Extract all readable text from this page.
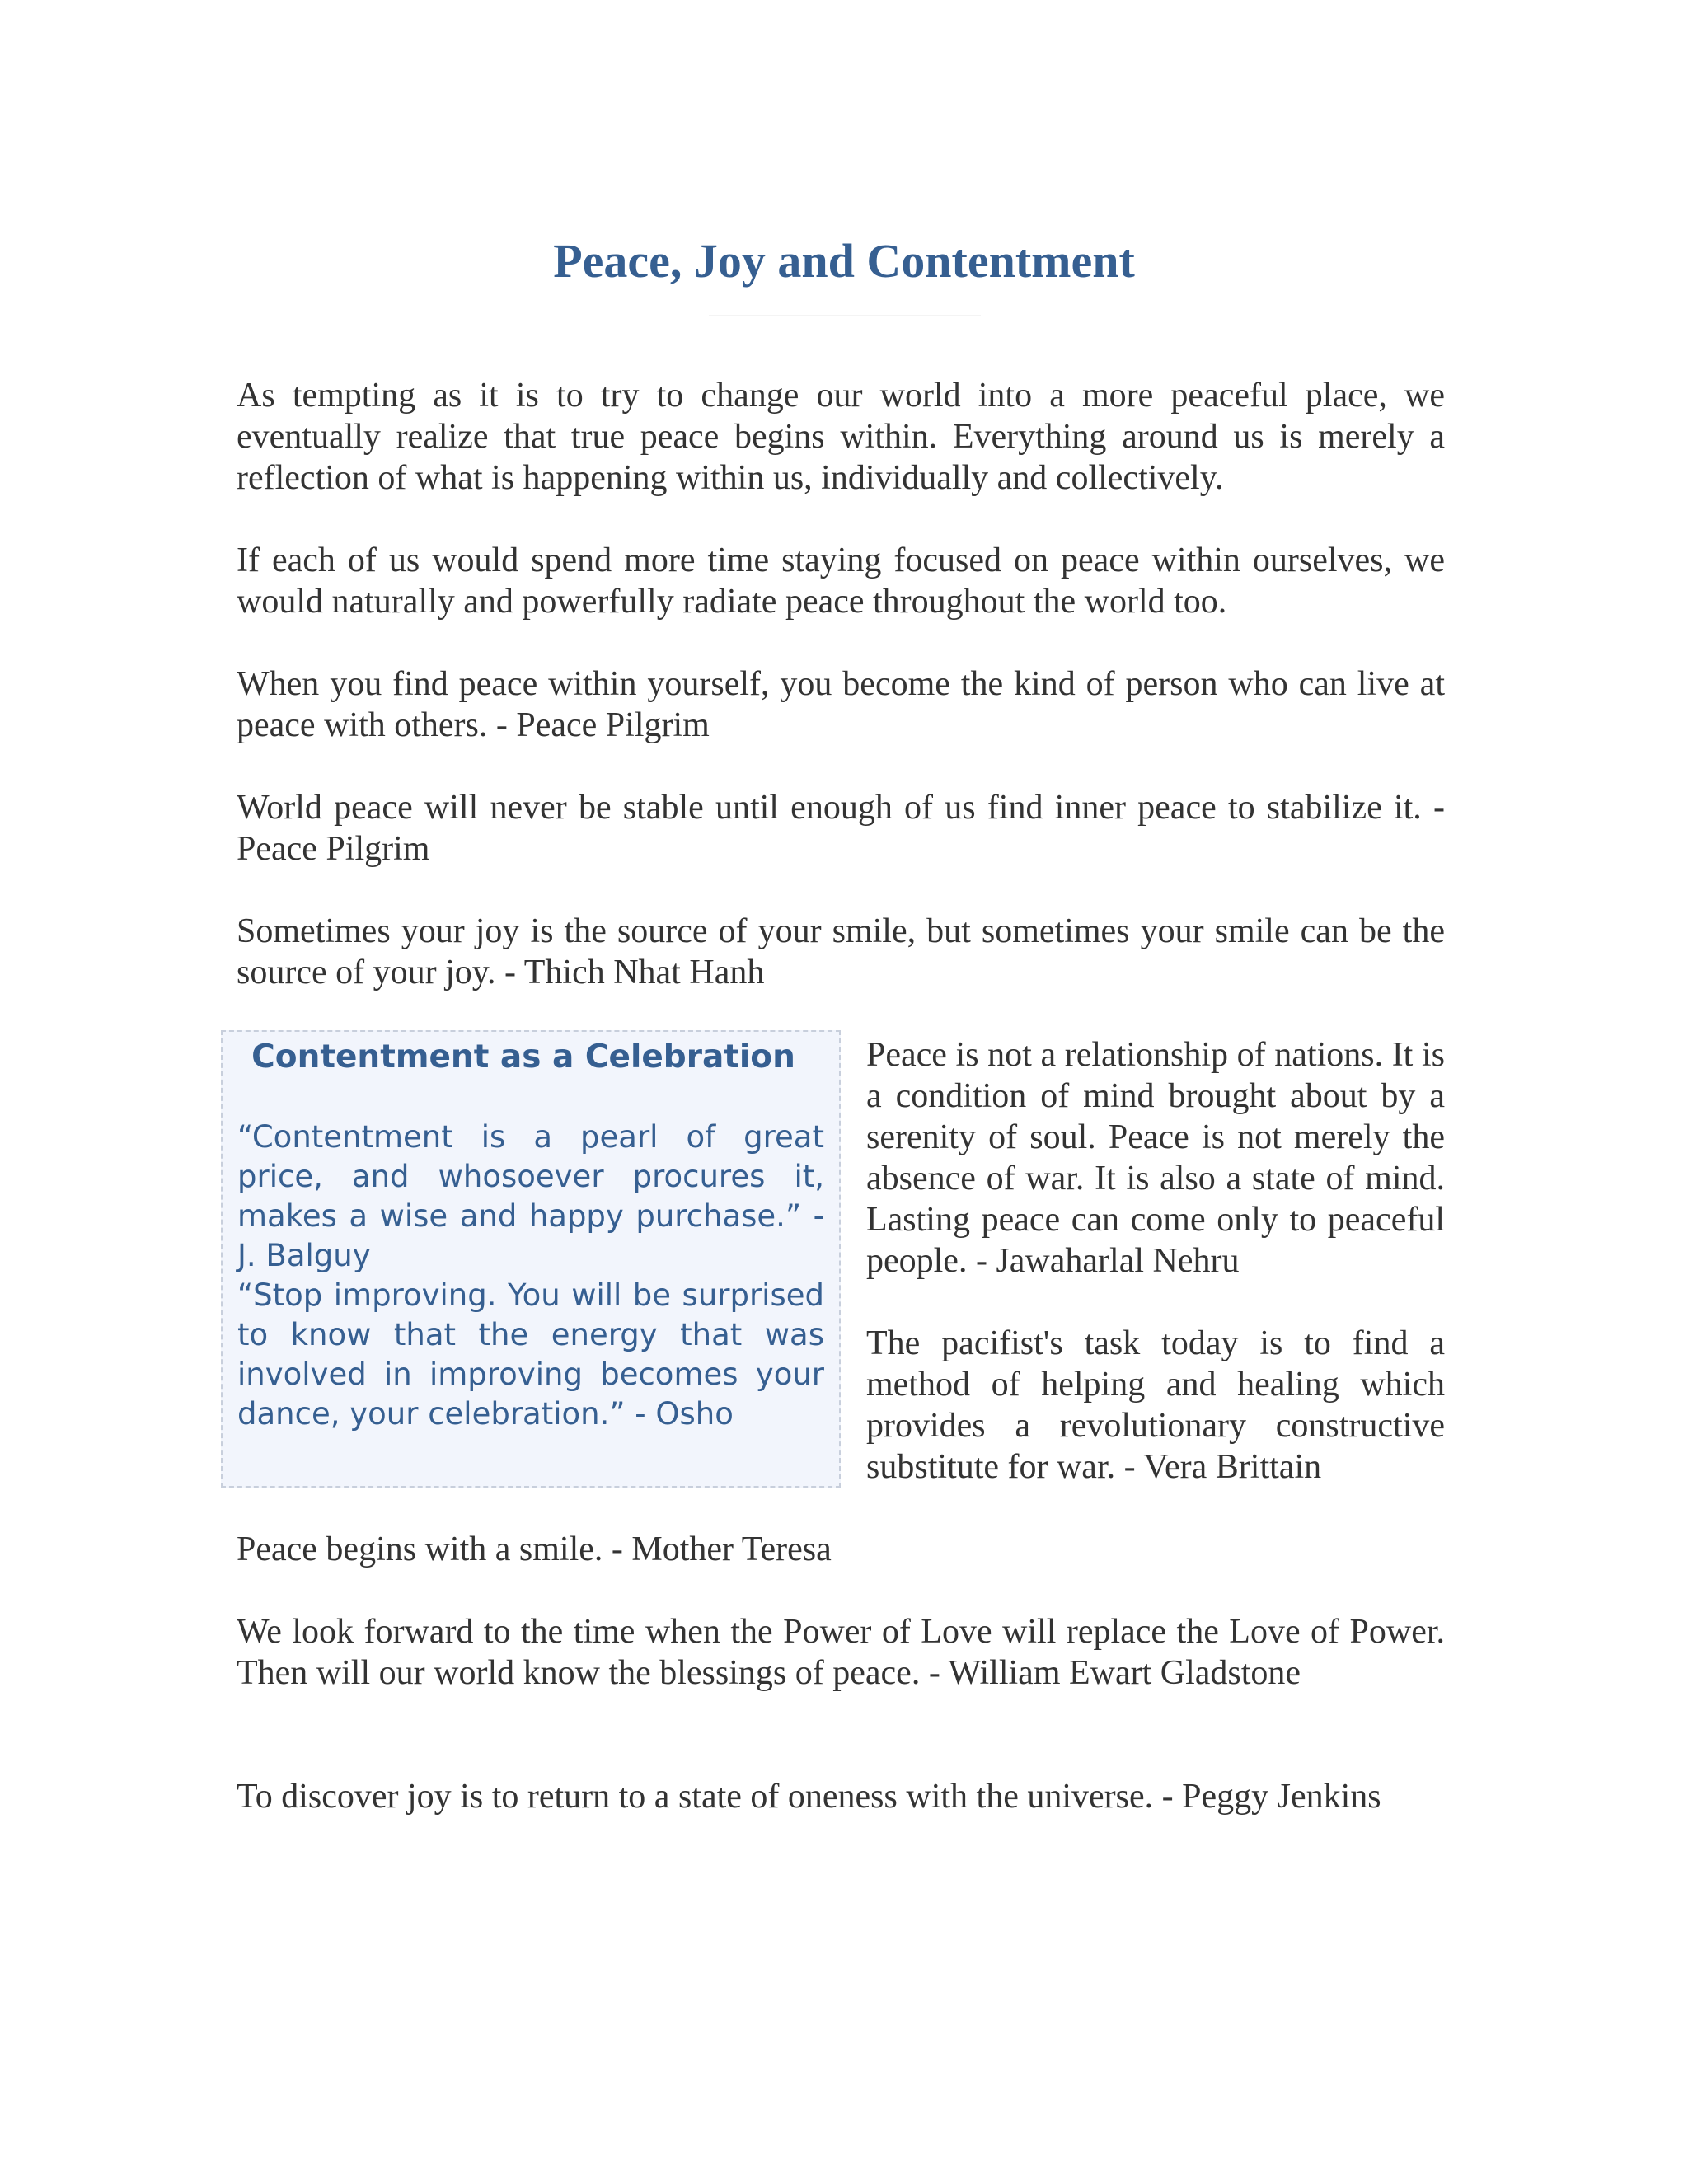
Peace, Joy and Contentment

As tempting as it is to try to change our world into a more peaceful place, we eventually realize that true peace begins within. Everything around us is merely a reflection of what is happening within us, individually and collectively.

If each of us would spend more time staying focused on peace within ourselves, we would naturally and powerfully radiate peace throughout the world too.

When you find peace within yourself, you become the kind of person who can live at peace with others. - Peace Pilgrim

World peace will never be stable until enough of us find inner peace to stabilize it. - Peace Pilgrim

Sometimes your joy is the source of your smile, but sometimes your smile can be the source of your joy. - Thich Nhat Hanh

Contentment as a Celebration

“Contentment is a pearl of great price, and whosoever procures it, makes a wise and happy purchase.” - J. Balguy

“Stop improving. You will be surprised to know that the energy that was involved in improving becomes your dance, your celebration.” - Osho

Peace is not a relationship of nations. It is a condition of mind brought about by a serenity of soul. Peace is not merely the absence of war. It is also a state of mind. Lasting peace can come only to peaceful people. - Jawaharlal Nehru

The pacifist's task today is to find a method of helping and healing which provides a revolutionary constructive substitute for war. - Vera Brittain

Peace begins with a smile. - Mother Teresa

We look forward to the time when the Power of Love will replace the Love of Power. Then will our world know the blessings of peace. - William Ewart Gladstone

To discover joy is to return to a state of oneness with the universe. - Peggy Jenkins
